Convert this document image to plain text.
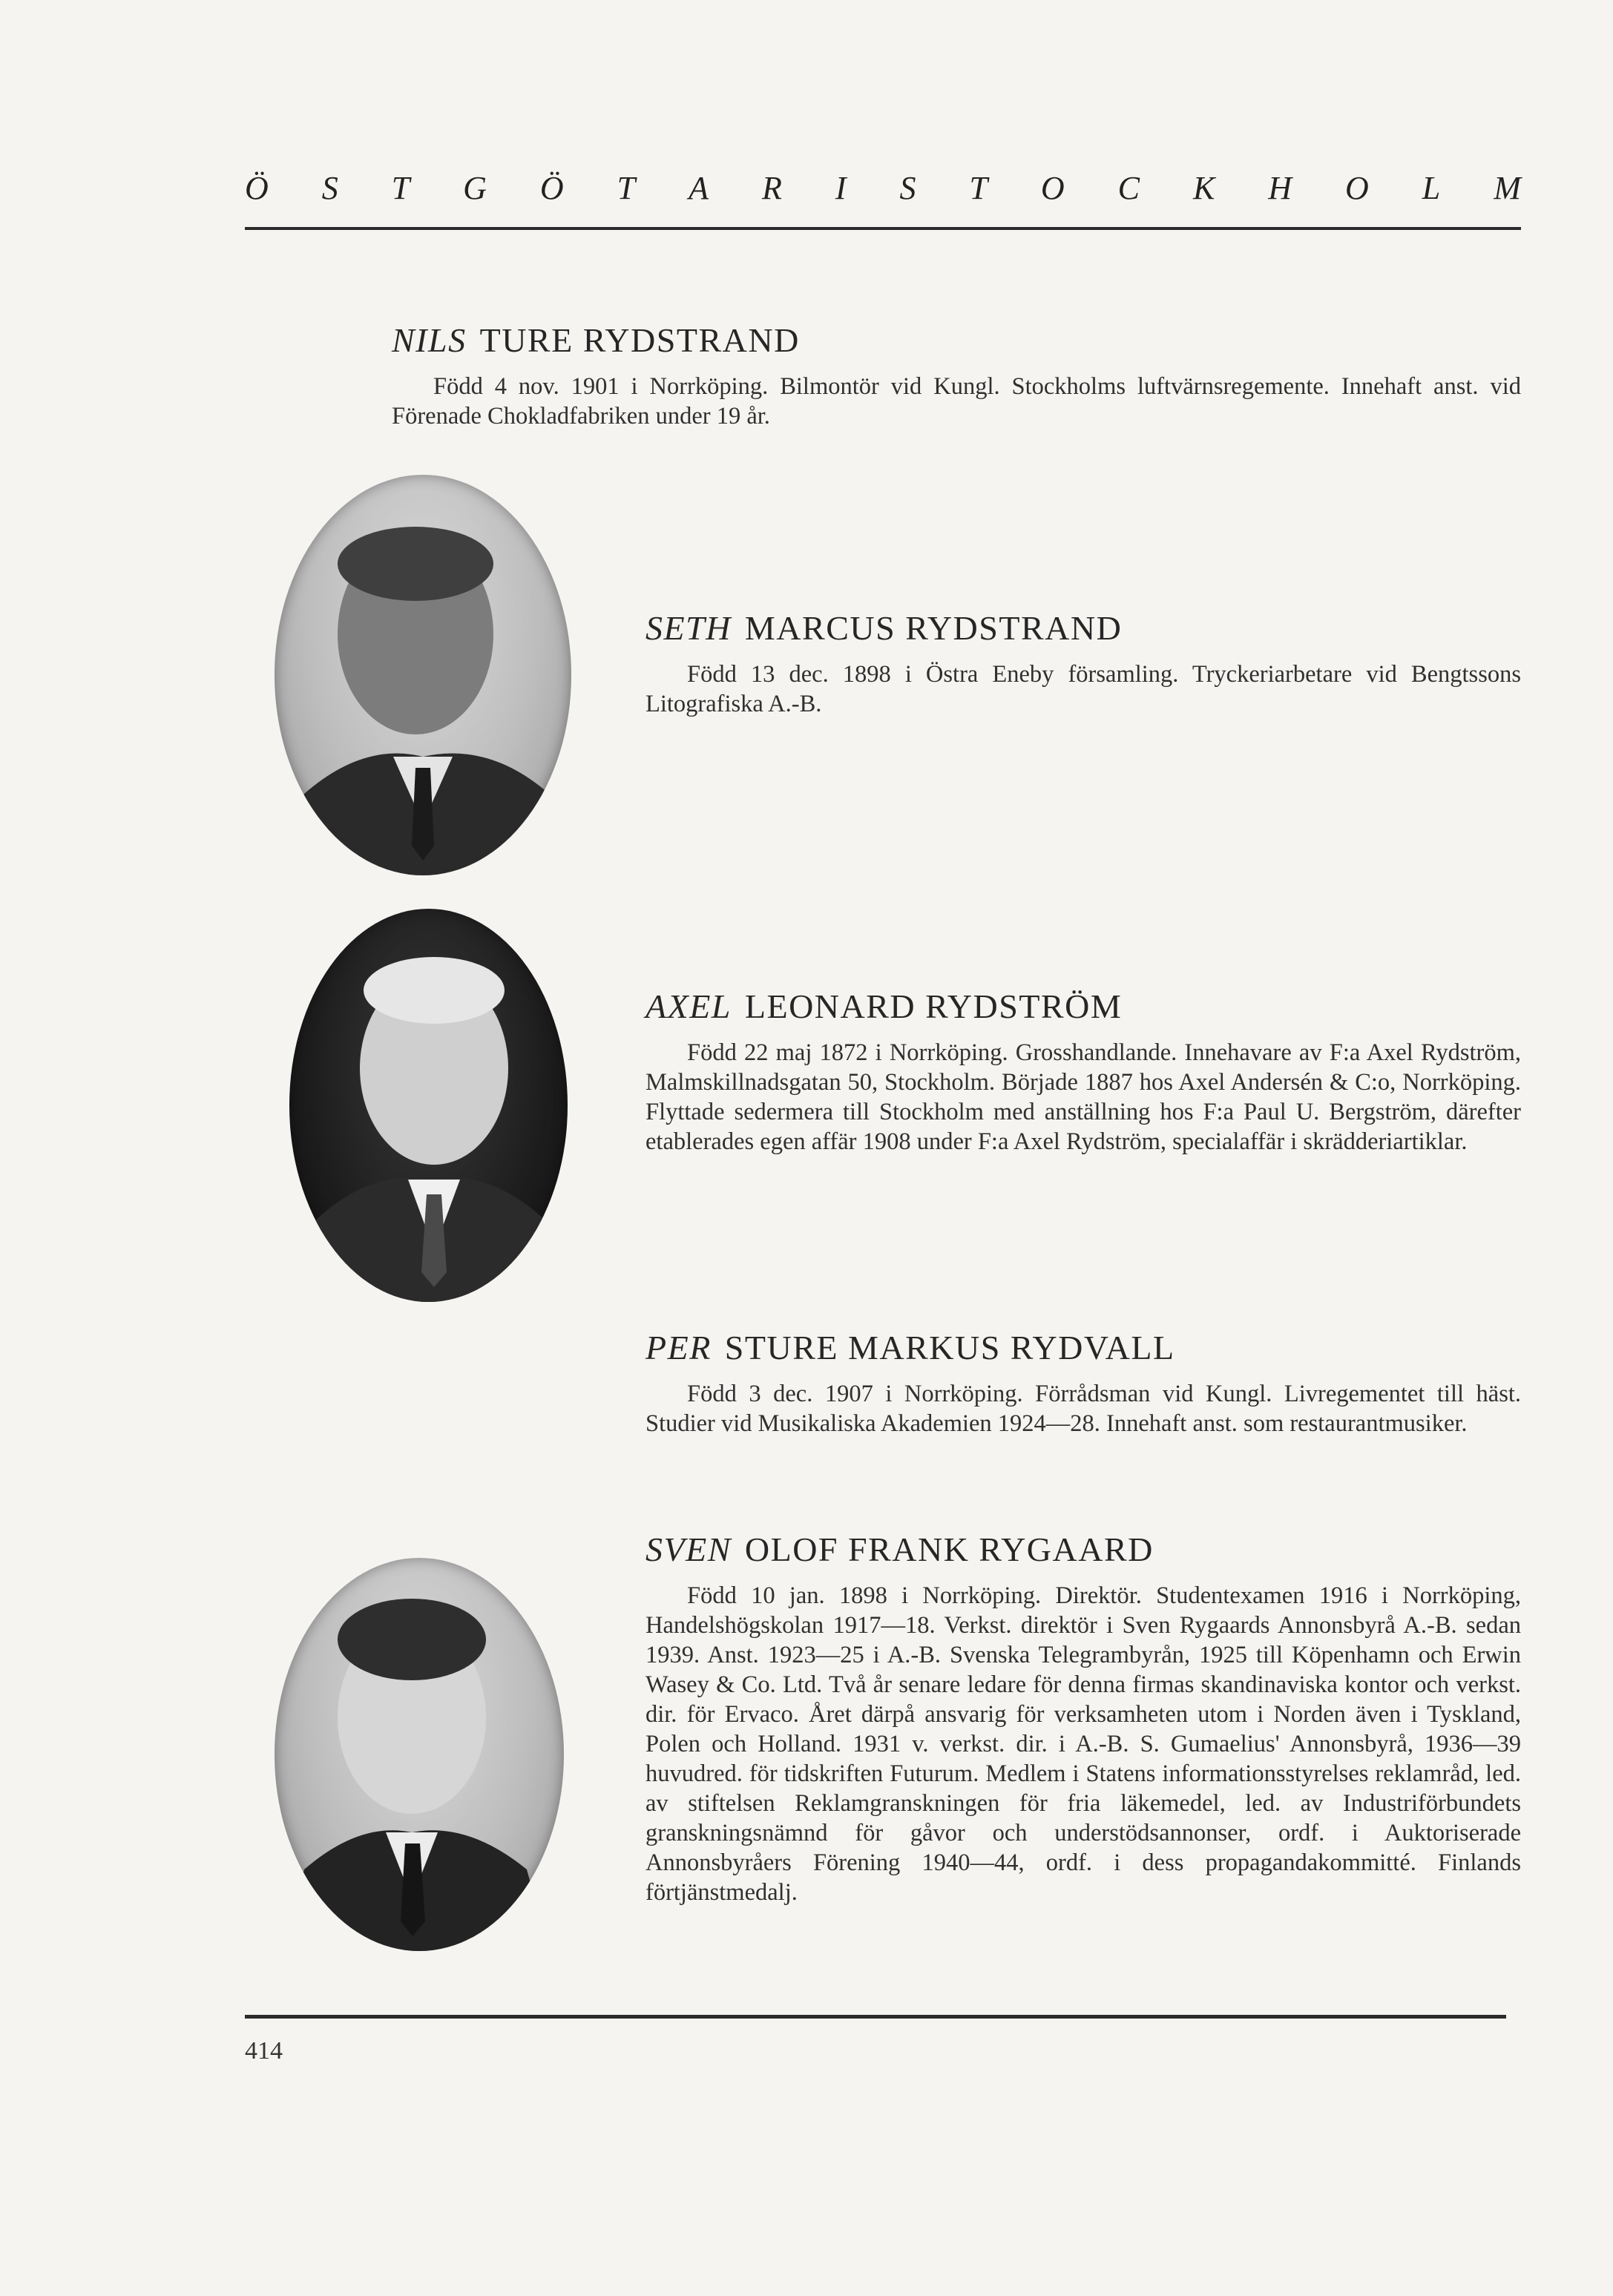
Ö S T G Ö T A R I S T O C K H O L M
NILS TURE RYDSTRAND

Född 4 nov. 1901 i Norrköping. Bilmontör vid Kungl. Stockholms luftvärnsregemente. Innehaft anst. vid Förenade Chokladfabriken under 19 år.

SETH MARCUS RYDSTRAND

Född 13 dec. 1898 i Östra Eneby församling. Tryckeriarbetare vid Bengtssons Litografiska A.-B.

AXEL LEONARD RYDSTRÖM

Född 22 maj 1872 i Norrköping. Grosshandlande. Innehavare av F:a Axel Rydström, Malmskillnadsgatan 50, Stockholm. Började 1887 hos Axel Andersén & C:o, Norrköping. Flyttade sedermera till Stockholm med anställning hos F:a Paul U. Bergström, därefter etablerades egen affär 1908 under F:a Axel Rydström, specialaffär i skrädderiartiklar.

PER STURE MARKUS RYDVALL

Född 3 dec. 1907 i Norrköping. Förrådsman vid Kungl. Livregementet till häst. Studier vid Musikaliska Akademien 1924—28. Innehaft anst. som restaurantmusiker.

SVEN OLOF FRANK RYGAARD

Född 10 jan. 1898 i Norrköping. Direktör. Studentexamen 1916 i Norrköping, Handelshögskolan 1917—18. Verkst. direktör i Sven Rygaards Annonsbyrå A.-B. sedan 1939. Anst. 1923—25 i A.-B. Svenska Telegrambyrån, 1925 till Köpenhamn och Erwin Wasey & Co. Ltd. Två år senare ledare för denna firmas skandinaviska kontor och verkst. dir. för Ervaco. Året därpå ansvarig för verksamheten utom i Norden även i Tyskland, Polen och Holland. 1931 v. verkst. dir. i A.-B. S. Gumaelius' Annonsbyrå, 1936—39 huvudred. för tidskriften Futurum. Medlem i Statens informationsstyrelses reklamråd, led. av stiftelsen Reklamgranskningen för fria läkemedel, led. av Industriförbundets granskningsnämnd för gåvor och understödsannonser, ordf. i Auktoriserade Annonsbyråers Förening 1940—44, ordf. i dess propagandakommitté. Finlands förtjänstmedalj.

414
